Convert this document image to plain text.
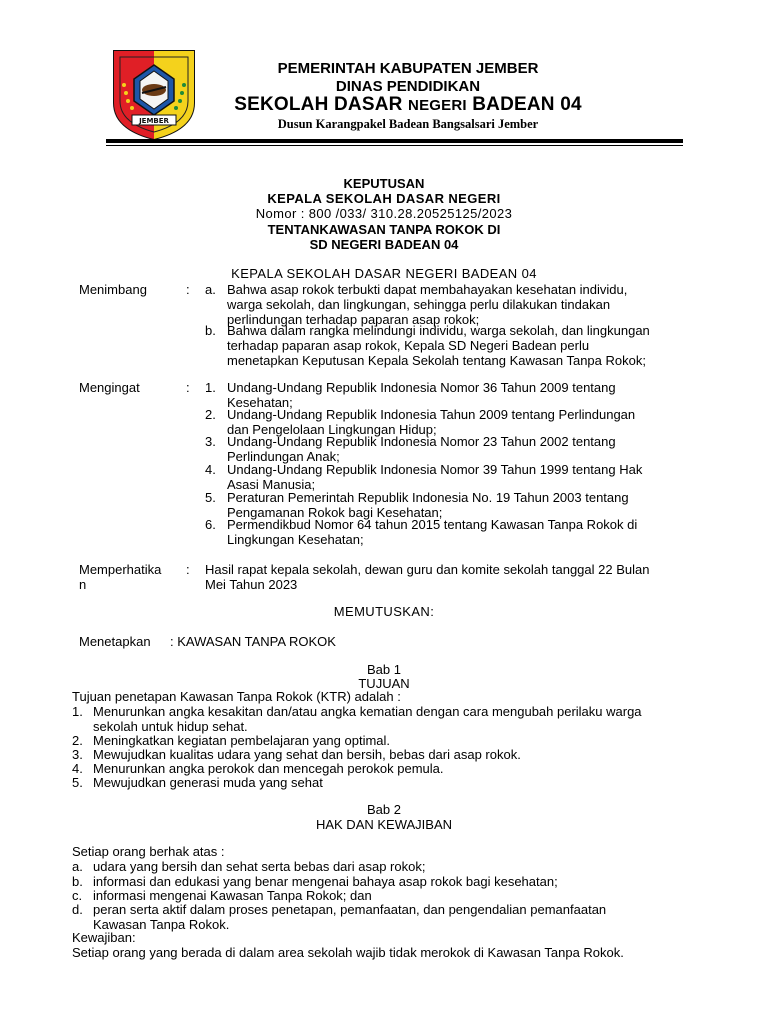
JEMBER
PEMERINTAH KABUPATEN JEMBER
DINAS PENDIDIKAN
SEKOLAH DASAR NEGERI BADEAN 04
Dusun Karangpakel Badean Bangsalsari Jember
KEPUTUSAN
KEPALA SEKOLAH DASAR NEGERI
Nomor : 800 /033/ 310.28.20525125/2023
TENTANKAWASAN TANPA ROKOK DI
SD NEGERI BADEAN 04
KEPALA SEKOLAH DASAR NEGERI BADEAN 04
Menimbang	: a. Bahwa asap rokok terbukti dapat membahayakan kesehatan individu,
warga sekolah, dan lingkungan, sehingga perlu dilakukan tindakan
perlindungan terhadap paparan asap rokok;
b. Bahwa dalam rangka melindungi individu, warga sekolah, dan lingkungan
terhadap paparan asap rokok, Kepala SD Negeri Badean perlu
menetapkan Keputusan Kepala Sekolah tentang Kawasan Tanpa Rokok;
Mengingat	: 1. Undang-Undang Republik Indonesia Nomor 36 Tahun 2009 tentang
Kesehatan;
2. Undang-Undang Republik Indonesia Tahun 2009 tentang Perlindungan
dan Pengelolaan Lingkungan Hidup;
3. Undang-Undang Republik Indonesia Nomor 23 Tahun 2002 tentang
Perlindungan Anak;
4. Undang-Undang Republik Indonesia Nomor 39 Tahun 1999 tentang Hak
Asasi Manusia;
5. Peraturan Pemerintah Republik Indonesia No. 19 Tahun 2003 tentang
Pengamanan Rokok bagi Kesehatan;
6. Permendikbud Nomor 64 tahun 2015 tentang Kawasan Tanpa Rokok di
Lingkungan Kesehatan;
Memperhatika
n
: Hasil rapat kepala sekolah, dewan guru dan komite sekolah tanggal 22 Bulan
Mei Tahun 2023
MEMUTUSKAN:
Menetapkan : KAWASAN TANPA ROKOK
Bab 1
TUJUAN
Tujuan penetapan Kawasan Tanpa Rokok (KTR) adalah :
1. Menurunkan angka kesakitan dan/atau angka kematian dengan cara mengubah perilaku warga
sekolah untuk hidup sehat.
2. Meningkatkan kegiatan pembelajaran yang optimal.
3. Mewujudkan kualitas udara yang sehat dan bersih, bebas dari asap rokok.
4. Menurunkan angka perokok dan mencegah perokok pemula.
5. Mewujudkan generasi muda yang sehat
Bab 2
HAK DAN KEWAJIBAN
Setiap orang berhak atas :
a. udara yang bersih dan sehat serta bebas dari asap rokok;
b. informasi dan edukasi yang benar mengenai bahaya asap rokok bagi kesehatan;
c. informasi mengenai Kawasan Tanpa Rokok; dan
d. peran serta aktif dalam proses penetapan, pemanfaatan, dan pengendalian pemanfaatan
Kawasan Tanpa Rokok.
Kewajiban:
Setiap orang yang berada di dalam area sekolah wajib tidak merokok di Kawasan Tanpa Rokok.
